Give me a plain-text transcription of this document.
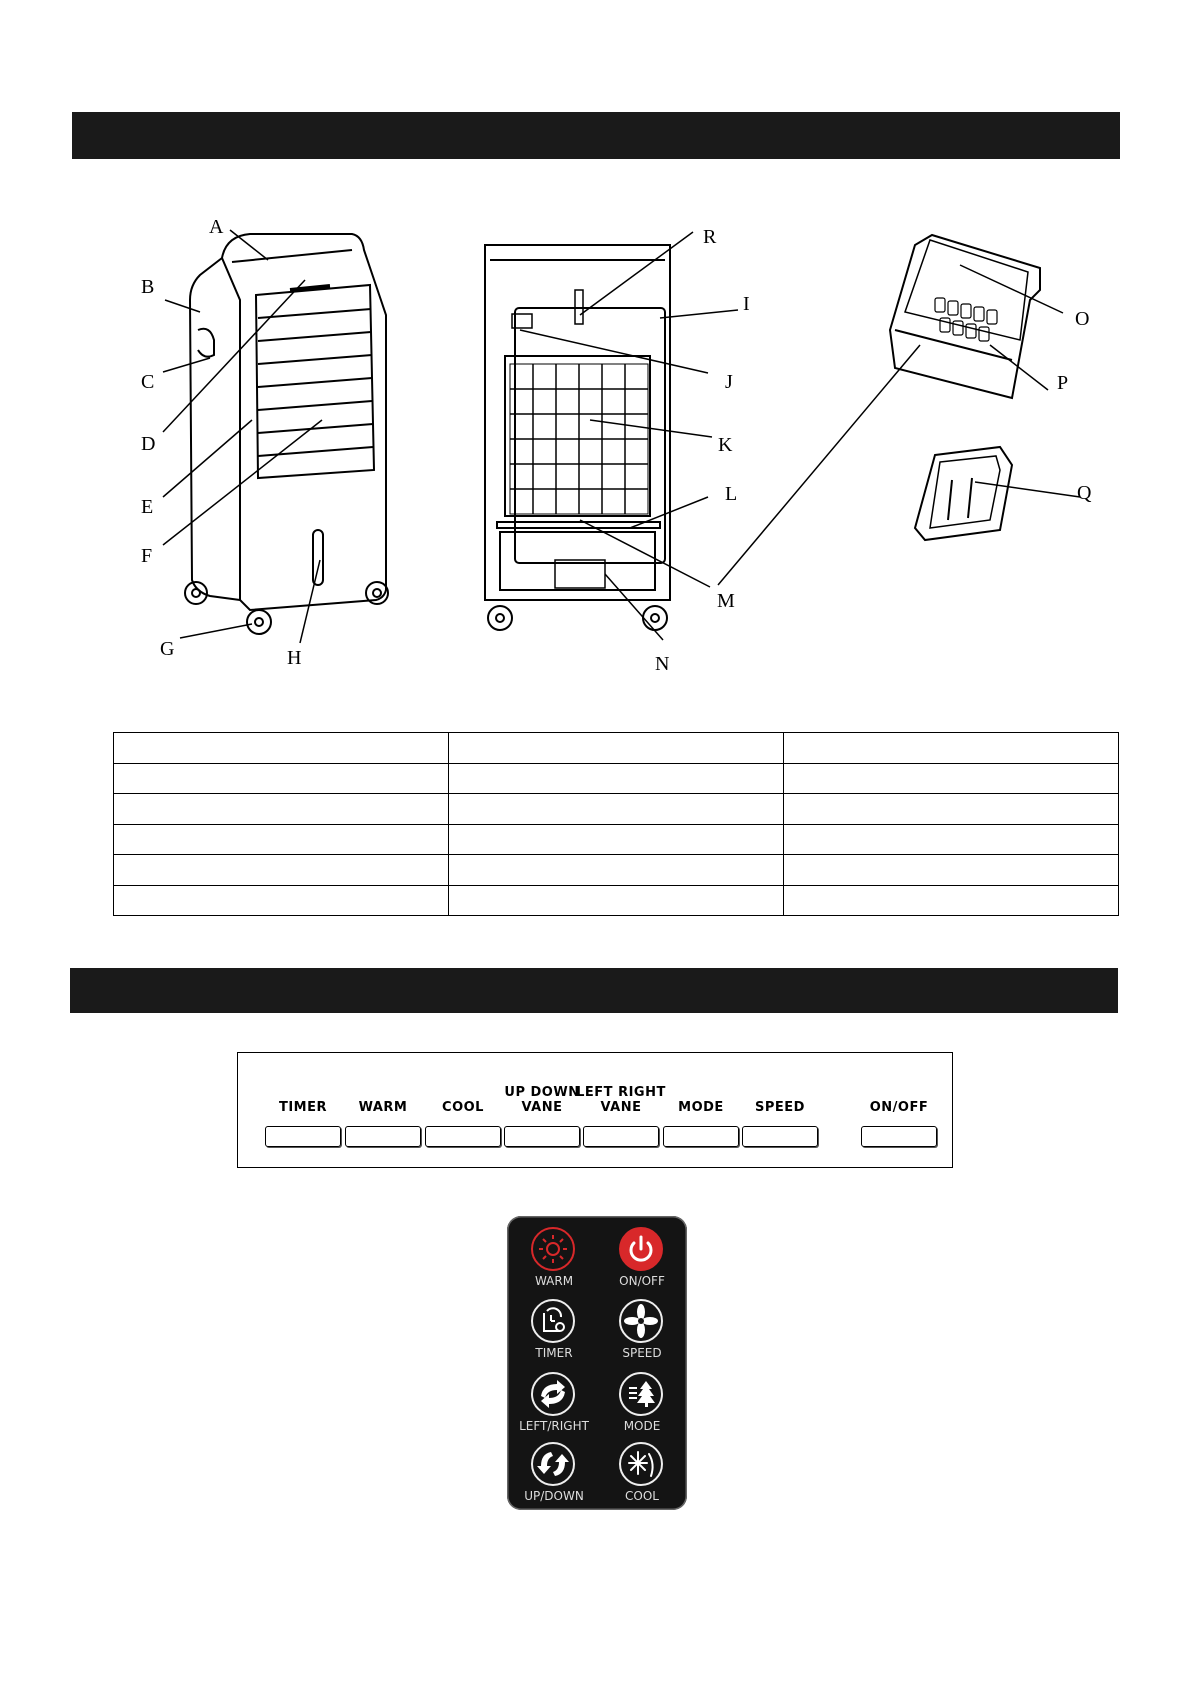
A
B
C
D
E
F
G	H
R
I
J
K
L
M
N
O
P
Q

TIMER	WARM	COOL
UP DOWN
VANE
LEFT RIGHT
VANE	MODE	SPEED	ON/OFF
WARM	ON/OFF
TIMER	SPEED
LEFT/RIGHT	MODE
UP/DOWN	COOL
